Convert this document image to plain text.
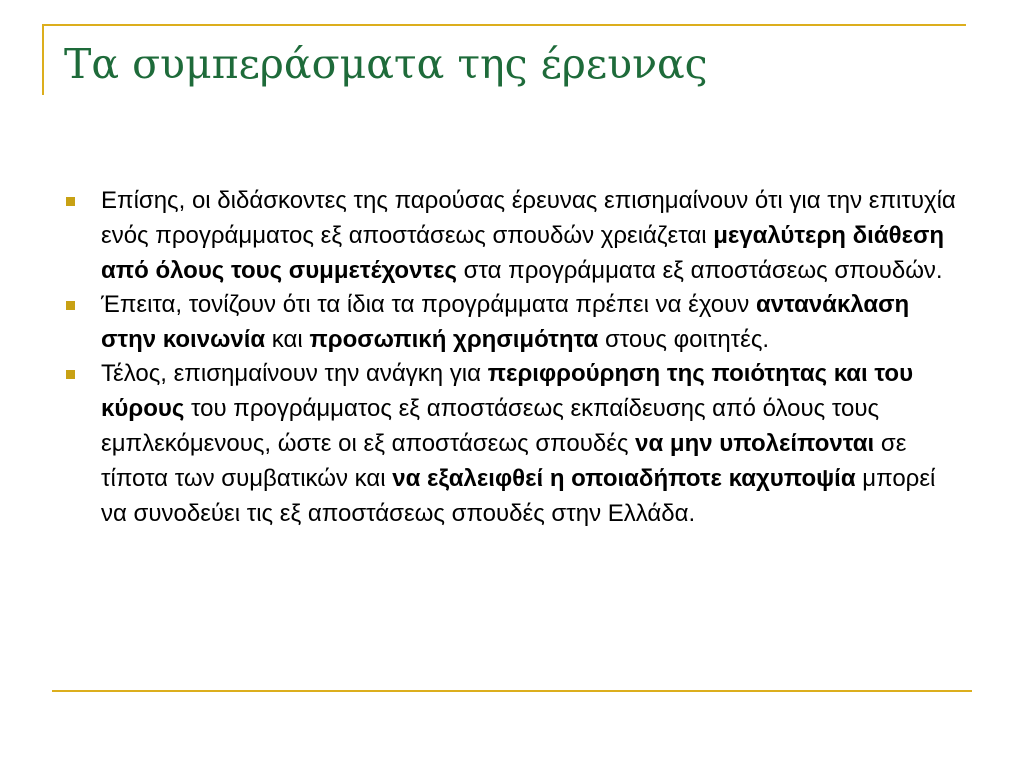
Τα συμπεράσματα της έρευνας
Επίσης, οι διδάσκοντες της παρούσας έρευνας επισημαίνουν ότι για την επιτυχία ενός προγράμματος εξ αποστάσεως σπουδών χρειάζεται μεγαλύτερη διάθεση από όλους τους συμμετέχοντες στα προγράμματα εξ αποστάσεως σπουδών.
Έπειτα, τονίζουν ότι τα ίδια τα προγράμματα πρέπει να έχουν αντανάκλαση στην κοινωνία και προσωπική χρησιμότητα στους φοιτητές.
Τέλος, επισημαίνουν την ανάγκη για περιφρούρηση της ποιότητας και του κύρους του προγράμματος εξ αποστάσεως εκπαίδευσης από όλους τους εμπλεκόμενους, ώστε οι εξ αποστάσεως σπουδές να μην υπολείπονται σε τίποτα των συμβατικών και να εξαλειφθεί η οποιαδήποτε καχυποψία μπορεί να συνοδεύει τις εξ αποστάσεως σπουδές στην Ελλάδα.
